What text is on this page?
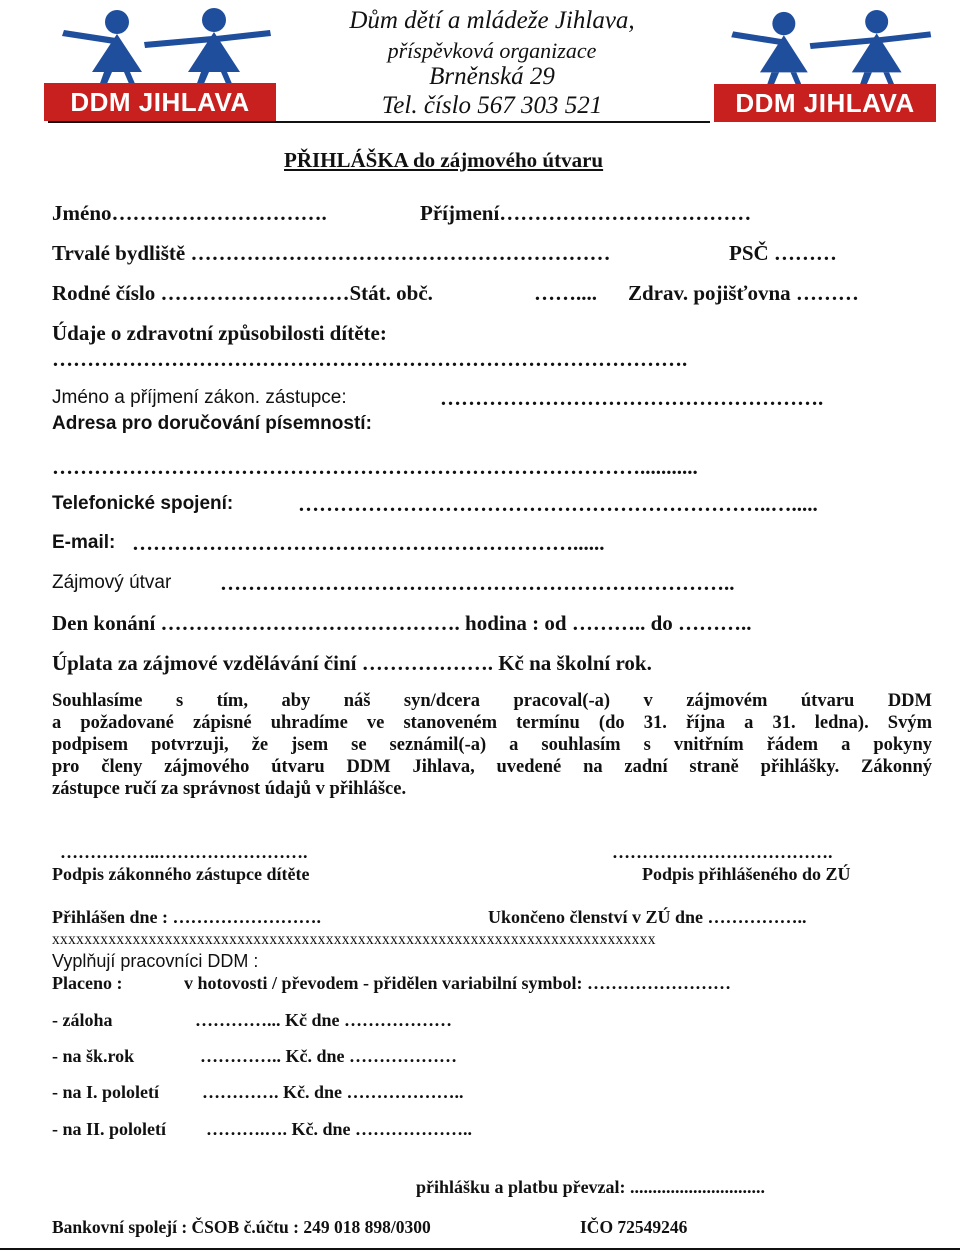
DDM JIHLAVA	DDM JIHLAVA
Dům dětí a mládeže Jihlava,
příspěvková organizace
Brněnská 29
Tel. číslo 567 303 521
PŘIHLÁŠKA do zájmového útvaru
Jméno………………………….	Příjmení………………………………
Trvalé bydliště ……………………………………………………	PSČ ………
Rodné číslo ………………………Stát. obč.	…….... Zdrav. pojišťovna ………
Údaje o zdravotní způsobilosti dítěte:
……………………………………………………………………………….
Jméno a příjmení zákon. zástupce:	……………………………………………….
Adresa pro doručování písemností:
…………………………………………………………………………...........
Telefonické spojení:	…………………………………………………………..….....
E-mail: ………………………………………………………......
Zájmový útvar ………………………………………………………………..
Den konání ……………………………………. hodina : od ……….. do ………..
Úplata za zájmové vzdělávání činí ………………. Kč na školní rok.
Souhlasíme s tím, aby náš syn/dcera pracoval(-a) v zájmovém útvaru DDM
a požadované zápisné uhradíme ve stanoveném termínu (do 31. října a 31. ledna). Svým
podpisem potvrzuji, že jsem se seznámil(-a) a souhlasím s vnitřním řádem a pokyny
pro členy zájmového útvaru DDM Jihlava, uvedené na zadní straně přihlášky. Zákonný
zástupce ručí za správnost údajů v přihlášce.
……………..…………………….
Podpis zákonného zástupce dítěte
……………………………….
Podpis přihlášeného do ZÚ
Přihlášen dne : …………………….	Ukončeno členství v ZÚ dne ……………..
xxxxxxxxxxxxxxxxxxxxxxxxxxxxxxxxxxxxxxxxxxxxxxxxxxxxxxxxxxxxxxxxxxxxxxxxxxx
Vyplňují pracovníci DDM :
Placeno :	v hotovosti / převodem - přidělen variabilní symbol: ……………………
- záloha	…………... Kč dne ………………
- na šk.rok	………….. Kč. dne ………………
- na I. pololetí …………. Kč. dne ………………..
- na II. pololetí ……….…. Kč. dne ………………..
přihlášku a platbu převzal: ..............................
Bankovní spolejí : ČSOB č.účtu : 249 018 898/0300	IČO 72549246
